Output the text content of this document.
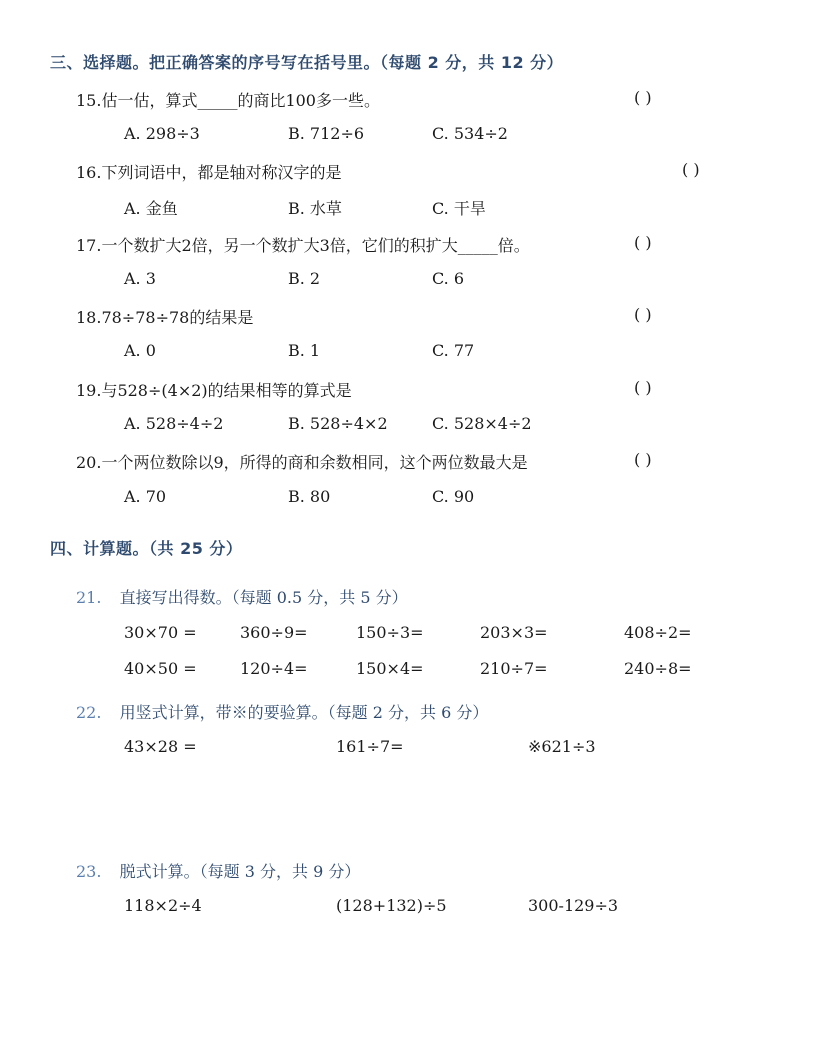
三、选择题。把正确答案的序号写在括号里。（每题 2 分，共 12 分）
15.估一估，算式_____的商比100多一些。	( )
A. 298÷3	B. 712÷6	C. 534÷2
16.下列词语中，都是轴对称汉字的是	( )
A. 金鱼	B. 水草	C. 干旱
17.一个数扩大2倍，另一个数扩大3倍，它们的积扩大_____倍。	( )
A. 3	B. 2	C. 6
18.78÷78÷78的结果是	( )
A. 0	B. 1	C. 77
19.与528÷(4×2)的结果相等的算式是	( )
A. 528÷4÷2	B. 528÷4×2	C. 528×4÷2
20.一个两位数除以9，所得的商和余数相同，这个两位数最大是	( )
A. 70	B. 80	C. 90
四、计算题。（共 25 分）
21. 直接写出得数。（每题 0.5 分，共 5 分）
30×70 =	360÷9=	150÷3=	203×3=	408÷2=
40×50 =	120÷4=	150×4=	210÷7=	240÷8=
22. 用竖式计算，带※的要验算。（每题 2 分，共 6 分）
43×28 =	161÷7=	※621÷3
23. 脱式计算。（每题 3 分，共 9 分）
118×2÷4	(128+132)÷5	300-129÷3
